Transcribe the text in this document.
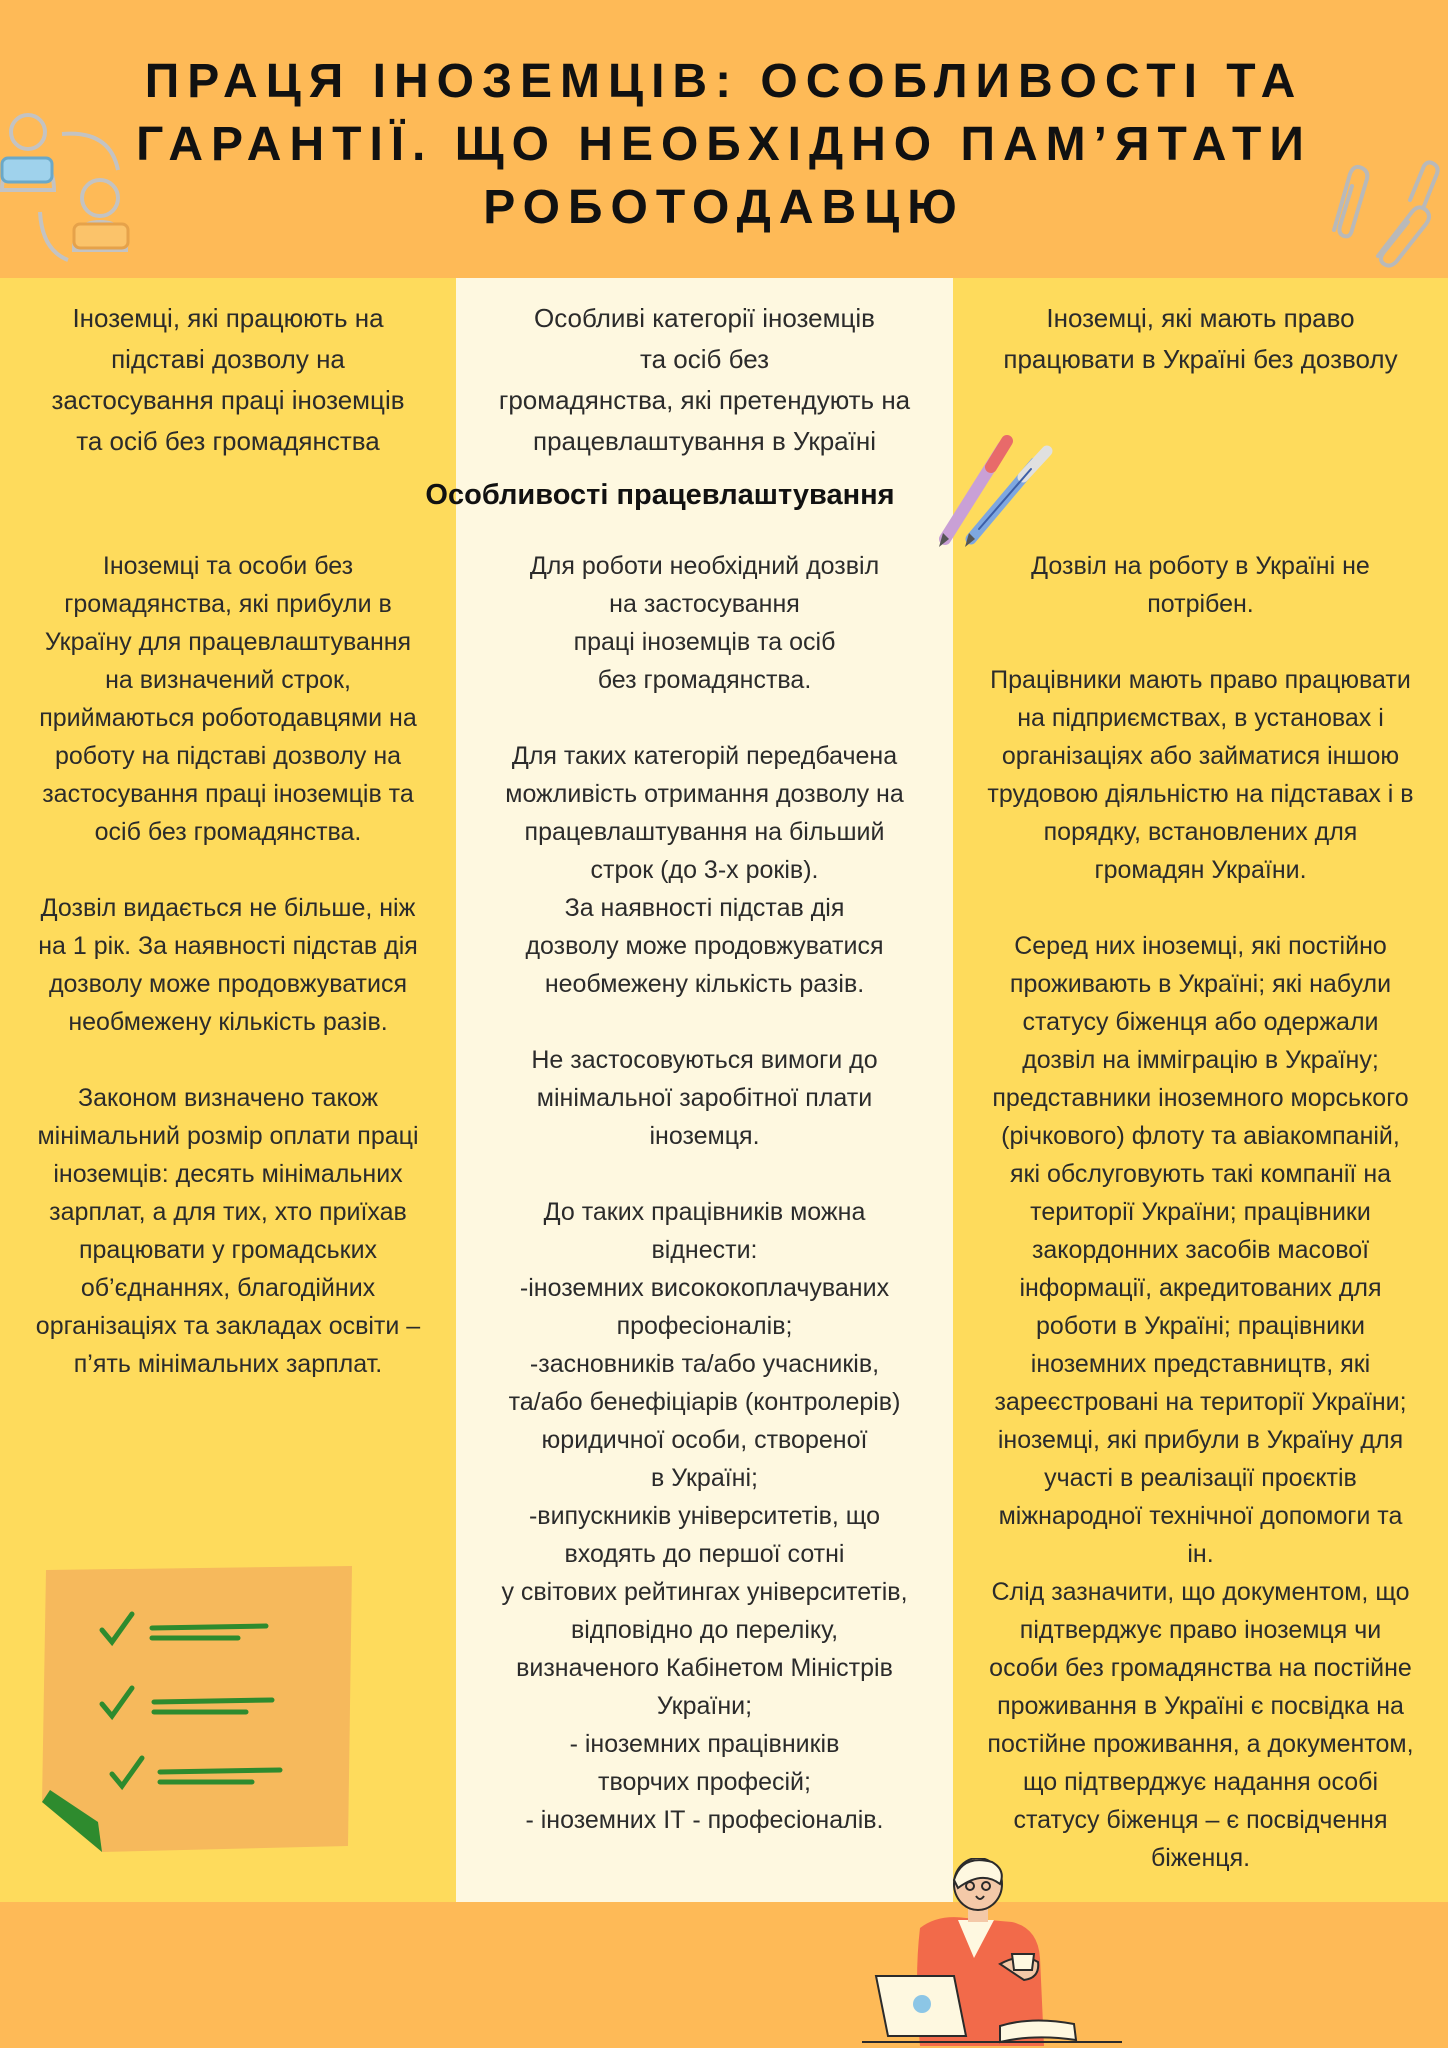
ПРАЦЯ ІНОЗЕМЦІВ: ОСОБЛИВОСТІ ТА
ГАРАНТІЇ. ЩО НЕОБХІДНО ПАМ’ЯТАТИ
РОБОТОДАВЦЮ
Іноземці, які працюють на
підставі дозволу на
застосування праці іноземців
та осіб без громадянства
Особливі категорії іноземців
та осіб без
громадянства, які претендують на
працевлаштування в Україні
Іноземці, які мають право
працювати в Україні без дозволу
Особливості працевлаштування
Іноземці та особи без
громадянства, які прибули в
Україну для працевлаштування
на визначений строк,
приймаються роботодавцями на
роботу на підставі дозволу на
застосування праці іноземців та
осіб без громадянства.
Дозвіл видається не більше, ніж
на 1 рік. За наявності підстав дія
дозволу може продовжуватися
необмежену кількість разів.
Законом визначено також
мінімальний розмір оплати праці
іноземців: десять мінімальних
зарплат, а для тих, хто приїхав
працювати у громадських
об’єднаннях, благодійних
організаціях та закладах освіти –
п’ять мінімальних зарплат.
Для роботи необхідний дозвіл
на застосування
праці іноземців та осіб
без громадянства.
Для таких категорій передбачена
можливість отримання дозволу на
працевлаштування на більший
строк (до 3-х років).
За наявності підстав дія
дозволу може продовжуватися
необмежену кількість разів.
Не застосовуються вимоги до
мінімальної заробітної плати
іноземця.
До таких працівників можна
віднести:
-іноземних висококоплачуваних
професіоналів;
-засновників та/або учасників,
та/або бенефіціарів (контролерів)
юридичної особи, створеної
в Україні;
-випускників університетів, що
входять до першої сотні
у світових рейтингах університетів,
відповідно до переліку,
визначеного Кабінетом Міністрів
України;
- іноземних працівників
творчих професій;
- іноземних ІТ - професіоналів.
Дозвіл на роботу в Україні не
потрібен.
Працівники мають право працювати
на підприємствах, в установах і
організаціях або займатися іншою
трудовою діяльністю на підставах і в
порядку, встановлених для
громадян України.
Серед них іноземці, які постійно
проживають в Україні; які набули
статусу біженця або одержали
дозвіл на імміграцію в Україну;
представники іноземного морського
(річкового) флоту та авіакомпаній,
які обслуговують такі компанії на
території України; працівники
закордонних засобів масової
інформації, акредитованих для
роботи в Україні; працівники
іноземних представництв, які
зареєстровані на території України;
іноземці, які прибули в Україну для
участі в реалізації проєктів
міжнародної технічної допомоги та
ін.
Слід зазначити, що документом, що
підтверджує право іноземця чи
особи без громадянства на постійне
проживання в Україні є посвідка на
постійне проживання, а документом,
що підтверджує надання особі
статусу біженця – є посвідчення
біженця.
